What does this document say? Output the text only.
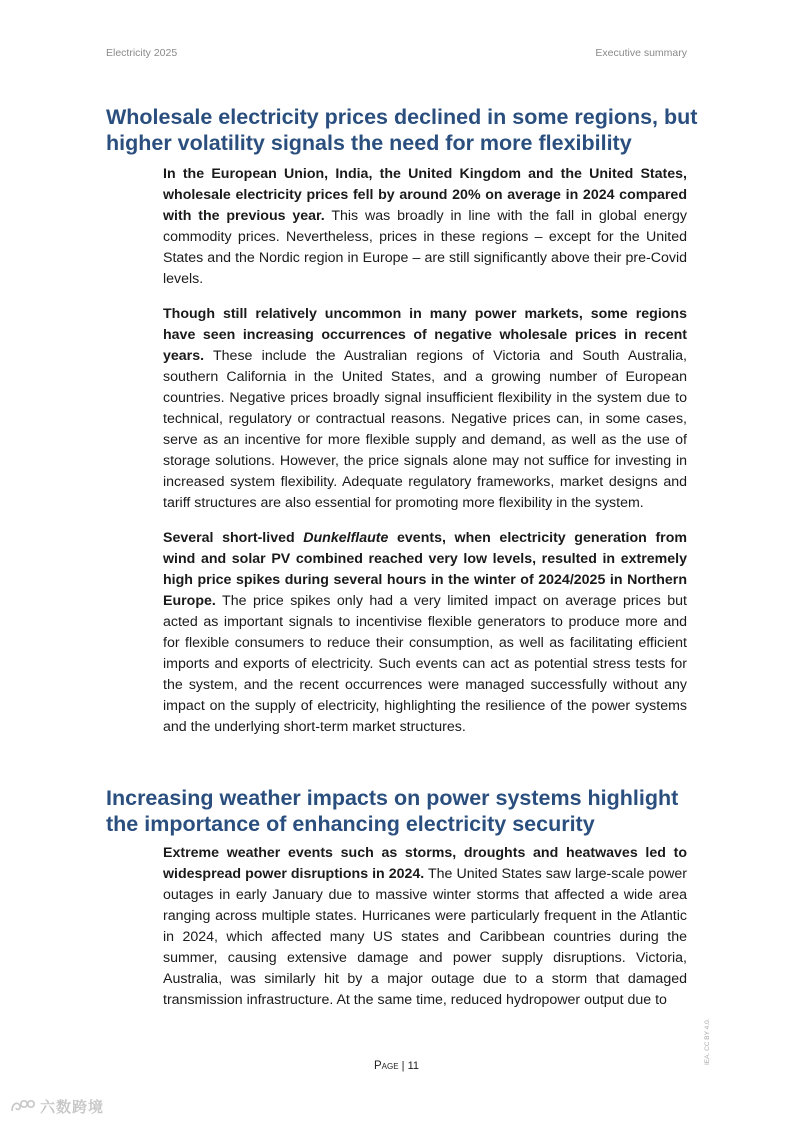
Electricity 2025	Executive summary
Wholesale electricity prices declined in some regions, but higher volatility signals the need for more flexibility

In the European Union, India, the United Kingdom and the United States, wholesale electricity prices fell by around 20% on average in 2024 compared with the previous year. This was broadly in line with the fall in global energy commodity prices. Nevertheless, prices in these regions – except for the United States and the Nordic region in Europe – are still significantly above their pre-Covid levels.

Though still relatively uncommon in many power markets, some regions have seen increasing occurrences of negative wholesale prices in recent years. These include the Australian regions of Victoria and South Australia, southern California in the United States, and a growing number of European countries. Negative prices broadly signal insufficient flexibility in the system due to technical, regulatory or contractual reasons. Negative prices can, in some cases, serve as an incentive for more flexible supply and demand, as well as the use of storage solutions. However, the price signals alone may not suffice for investing in increased system flexibility. Adequate regulatory frameworks, market designs and tariff structures are also essential for promoting more flexibility in the system.

Several short-lived Dunkelflaute events, when electricity generation from wind and solar PV combined reached very low levels, resulted in extremely high price spikes during several hours in the winter of 2024/2025 in Northern Europe. The price spikes only had a very limited impact on average prices but acted as important signals to incentivise flexible generators to produce more and for flexible consumers to reduce their consumption, as well as facilitating efficient imports and exports of electricity. Such events can act as potential stress tests for the system, and the recent occurrences were managed successfully without any impact on the supply of electricity, highlighting the resilience of the power systems and the underlying short-term market structures.

Increasing weather impacts on power systems highlight the importance of enhancing electricity security

Extreme weather events such as storms, droughts and heatwaves led to widespread power disruptions in 2024. The United States saw large-scale power outages in early January due to massive winter storms that affected a wide area ranging across multiple states. Hurricanes were particularly frequent in the Atlantic in 2024, which affected many US states and Caribbean countries during the summer, causing extensive damage and power supply disruptions. Victoria, Australia, was similarly hit by a major outage due to a storm that damaged transmission infrastructure. At the same time, reduced hydropower output due to

Page | 11
IEA. CC BY 4.0.
六数跨境
